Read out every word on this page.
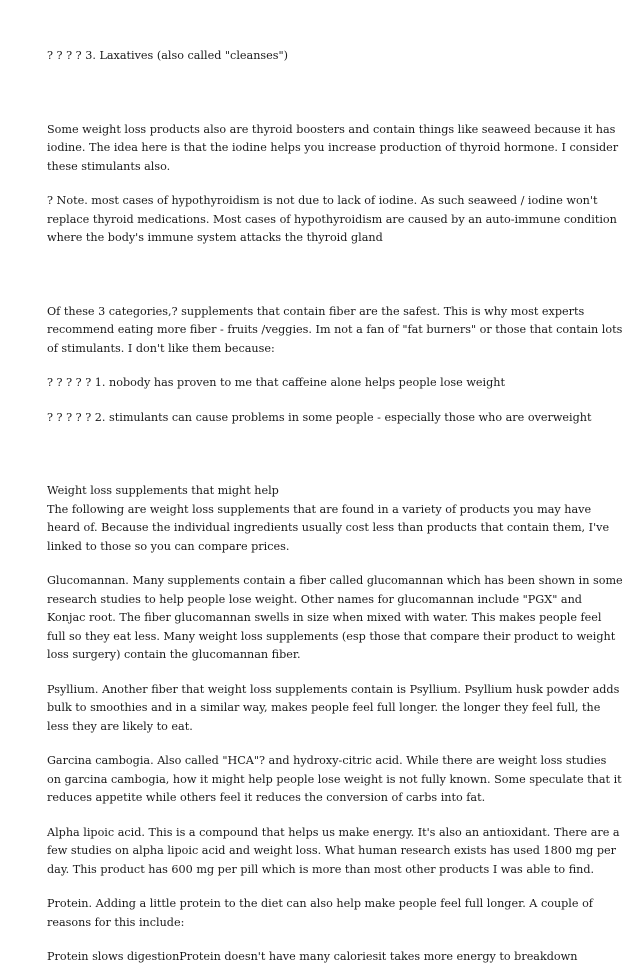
? ? ? ? 3. Laxatives (also called "cleanses")

Some weight loss products also are thyroid boosters and contain things like seaweed because it has
iodine. The idea here is that the iodine helps you increase production of thyroid hormone. I consider
these stimulants also.

? Note. most cases of hypothyroidism is not due to lack of iodine. As such seaweed / iodine won't
replace thyroid medications. Most cases of hypothyroidism are caused by an auto-immune condition
where the body's immune system attacks the thyroid gland

Of these 3 categories,? supplements that contain fiber are the safest. This is why most experts
recommend eating more fiber - fruits /veggies. Im not a fan of "fat burners" or those that contain lots
of stimulants. I don't like them because:

? ? ? ? ? 1. nobody has proven to me that caffeine alone helps people lose weight

? ? ? ? ? 2. stimulants can cause problems in some people - especially those who are overweight

Weight loss supplements that might help
The following are weight loss supplements that are found in a variety of products you may have
heard of. Because the individual ingredients usually cost less than products that contain them, I've
linked to those so you can compare prices.

Glucomannan. Many supplements contain a fiber called glucomannan which has been shown in some
research studies to help people lose weight. Other names for glucomannan include "PGX" and
Konjac root. The fiber glucomannan swells in size when mixed with water. This makes people feel
full so they eat less. Many weight loss supplements (esp those that compare their product to weight
loss surgery) contain the glucomannan fiber.

Psyllium. Another fiber that weight loss supplements contain is Psyllium. Psyllium husk powder adds
bulk to smoothies and in a similar way, makes people feel full longer. the longer they feel full, the
less they are likely to eat.

Garcina cambogia. Also called "HCA"? and hydroxy-citric acid. While there are weight loss studies
on garcina cambogia, how it might help people lose weight is not fully known. Some speculate that it
reduces appetite while others feel it reduces the conversion of carbs into fat.

Alpha lipoic acid. This is a compound that helps us make energy. It's also an antioxidant. There are a
few studies on alpha lipoic acid and weight loss. What human research exists has used 1800 mg per
day. This product has 600 mg per pill which is more than most other products I was able to find.

Protein. Adding a little protein to the diet can also help make people feel full longer. A couple of
reasons for this include:

Protein slows digestionProtein doesn't have many caloriesit takes more energy to breakdown
